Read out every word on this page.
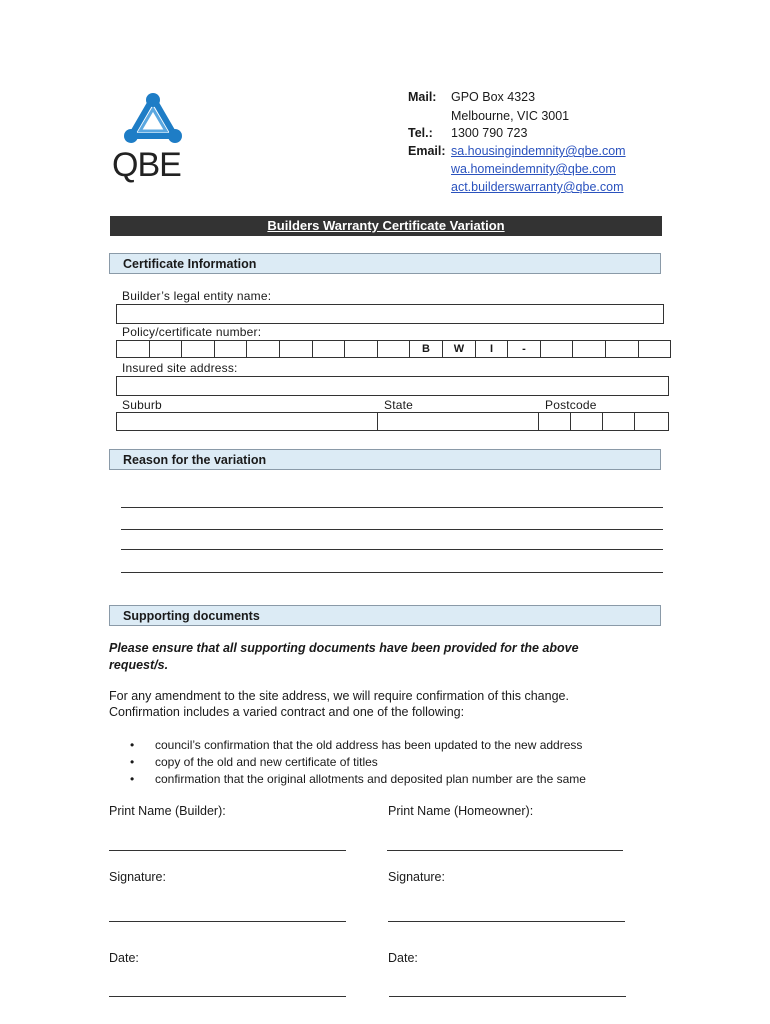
QBE
Mail: GPO Box 4323
Melbourne, VIC 3001
Tel.: 1300 790 723
Email: sa.housingindemnity@qbe.com
wa.homeindemnity@qbe.com
act.builderswarranty@qbe.com
Builders Warranty Certificate Variation
Certificate Information
Builder’s legal entity name:
Policy/certificate number:
B	W	I	-
Insured site address:
Suburb	State	Postcode
Reason for the variation
Supporting documents
Please ensure that all supporting documents have been provided for the above request/s.
For any amendment to the site address, we will require confirmation of this change.
Confirmation includes a varied contract and one of the following:
•	council’s confirmation that the old address has been updated to the new address
•	copy of the old and new certificate of titles
•	confirmation that the original allotments and deposited plan number are the same
Print Name (Builder):	Print Name (Homeowner):
Signature:	Signature:
Date:	Date:
